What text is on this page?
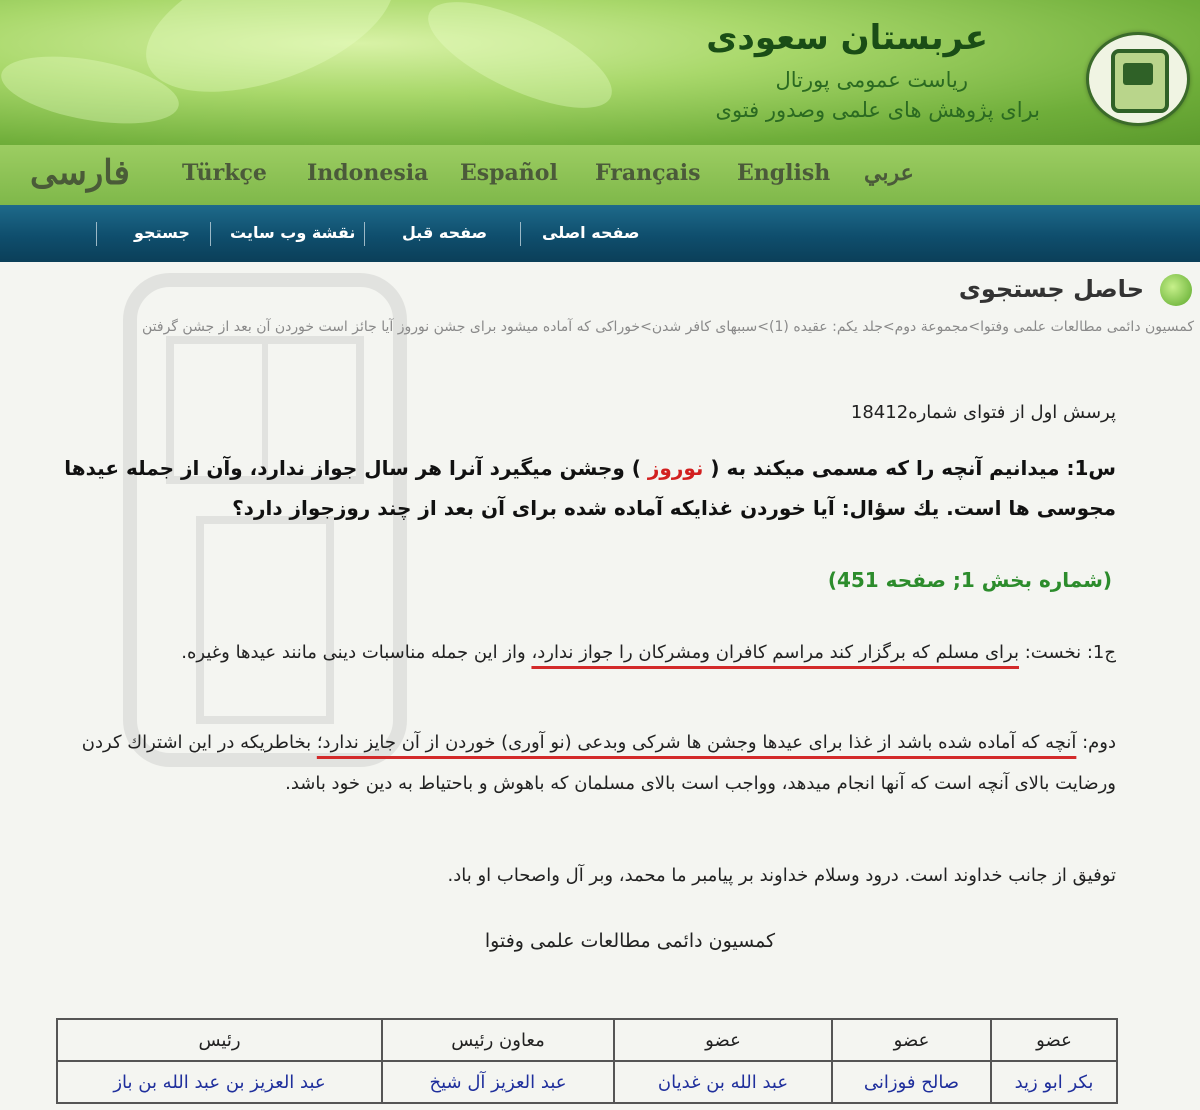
عربستان سعودی
ریاست عمومی پورتال
برای پژوهش های علمی وصدور فتوی
فارسی Türkçe Indonesia Español Français English عربي
جستجو	نقشة وب سایت	صفحه قبل	صفحه اصلی
حاصل جستجوی
كمسيون دائمى مطالعات علمى وفتوا>مجموعة دوم>جلد يكم: عقيده (1)>سببهاى كافر شدن>خوراكى كه آماده ميشود براى جشن نوروز آيا جائز است خوردن آن بعد از جشن گرفتن
پرسش اول از فتوای شماره18412
س1: ميدانيم آنچه را كه مسمى ميكند به ( نوروز ) وجشن ميگيرد آنرا هر سال جواز ندارد، وآن از جمله عيدها مجوسى ها است. يك سؤال: آيا خوردن غذايكه آماده شده براى آن بعد از چند روزجواز دارد؟
(شماره بخش 1; صفحه 451)
ج1: نخست: براى مسلم كه برگزار كند مراسم كافران ومشركان را جواز ندارد، واز اين جمله مناسبات دينى مانند عيدها وغيره.
دوم: آنچه كه آماده شده باشد از غذا براى عيدها وجشن ها شركى وبدعى (نو آورى) خوردن از آن جايز ندارد؛ بخاطريكه در اين اشتراك كردن ورضايت بالاى آنچه است كه آنها انجام ميدهد، وواجب است بالاى مسلمان كه باهوش و باحتياط به دين خود باشد.
توفيق از جانب خداوند است. درود وسلام خداوند بر پيامبر ما محمد، وبر آل واصحاب او باد.
كمسيون دائمى مطالعات علمى وفتوا
عضو	عضو	عضو	معاون رئيس	رئيس
بكر ابو زيد	صالح فوزانى	عبد الله بن غديان	عبد العزيز آل شيخ	عبد العزيز بن عبد الله بن باز
